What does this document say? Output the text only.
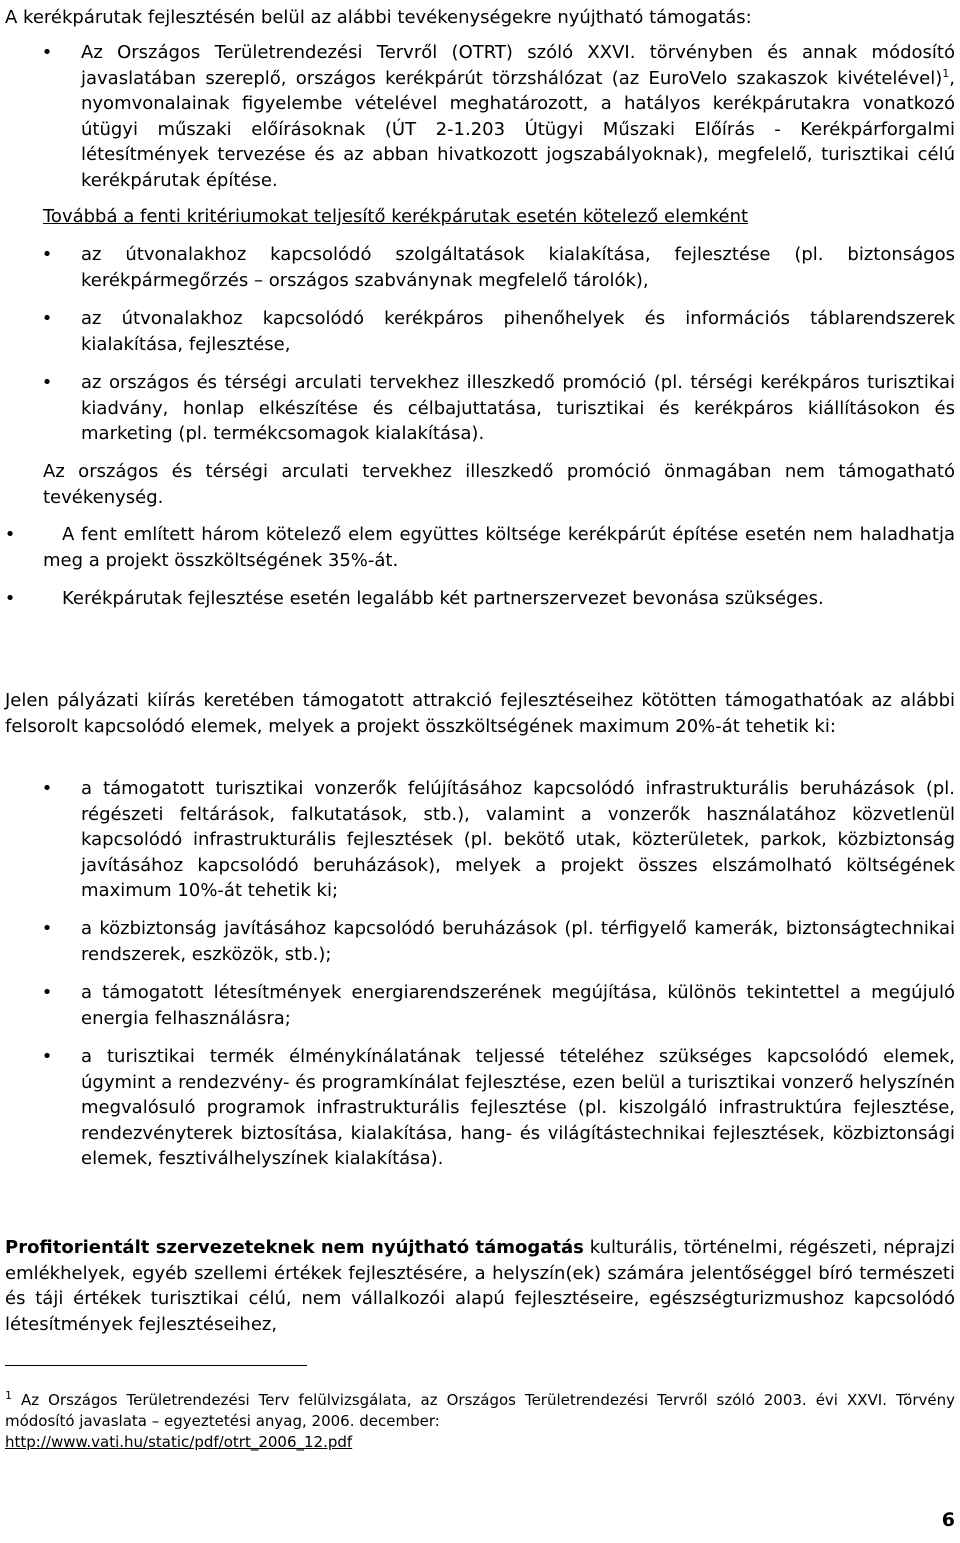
A kerékpárutak fejlesztésén belül az alábbi tevékenységekre nyújtható támogatás:
• Az Országos Területrendezési Tervről (OTRT) szóló XXVI. törvényben és annak módosító javaslatában szereplő, országos kerékpárút törzshálózat (az EuroVelo szakaszok kivételével)$^1$, nyomvonalainak figyelembe vételével meghatározott, a hatályos kerékpárutakra vonatkozó útügyi műszaki előírásoknak (ÚT 2-1.203 Útügyi Műszaki Előírás - Kerékpárforgalmi létesítmények tervezése és az abban hivatkozott jogszabályoknak), megfelelő, turisztikai célú kerékpárutak építése.
Továbbá a fenti kritériumokat teljesítő kerékpárutak esetén kötelező elemként
• az útvonalakhoz kapcsolódó szolgáltatások kialakítása, fejlesztése (pl. biztonságos kerékpármegőrzés – országos szabványnak megfelelő tárolók),
• az útvonalakhoz kapcsolódó kerékpáros pihenőhelyek és információs táblarendszerek kialakítása, fejlesztése,
• az országos és térségi arculati tervekhez illeszkedő promóció (pl. térségi kerékpáros turisztikai kiadvány, honlap elkészítése és célbajuttatása, turisztikai és kerékpáros kiállításokon és marketing (pl. termékcsomagok kialakítása).
Az országos és térségi arculati tervekhez illeszkedő promóció önmagában nem támogatható tevékenység.
•	A fent említett három kötelező elem együttes költsége kerékpárút építése esetén nem haladhatja meg a projekt összköltségének 35%-át.
•	Kerékpárutak fejlesztése esetén legalább két partnerszervezet bevonása szükséges.
Jelen pályázati kiírás keretében támogatott attrakció fejlesztéseihez kötötten támogathatóak az alábbi felsorolt kapcsolódó elemek, melyek a projekt összköltségének maximum 20%-át tehetik ki:
• a támogatott turisztikai vonzerők felújításához kapcsolódó infrastrukturális beruházások (pl. régészeti feltárások, falkutatások, stb.), valamint a vonzerők használatához közvetlenül kapcsolódó infrastrukturális fejlesztések (pl. bekötő utak, közterületek, parkok, közbiztonság javításához kapcsolódó beruházások), melyek a projekt összes elszámolható költségének maximum 10%-át tehetik ki;
• a közbiztonság javításához kapcsolódó beruházások (pl. térfigyelő kamerák, biztonságtechnikai rendszerek, eszközök, stb.);
• a támogatott létesítmények energiarendszerének megújítása, különös tekintettel a megújuló energia felhasználásra;
• a turisztikai termék élménykínálatának teljessé tételéhez szükséges kapcsolódó elemek, úgymint a rendezvény- és programkínálat fejlesztése, ezen belül a turisztikai vonzerő helyszínén megvalósuló programok infrastrukturális fejlesztése (pl. kiszolgáló infrastruktúra fejlesztése, rendezvényterek biztosítása, kialakítása, hang- és világítástechnikai fejlesztések, közbiztonsági elemek, fesztiválhelyszínek kialakítása).
Profitorientált szervezeteknek nem nyújtható támogatás kulturális, történelmi, régészeti, néprajzi emlékhelyek, egyéb szellemi értékek fejlesztésére, a helyszín(ek) számára jelentőséggel bíró természeti és táji értékek turisztikai célú, nem vállalkozói alapú fejlesztéseire, egészségturizmushoz kapcsolódó létesítmények fejlesztéseihez,
$^1$ Az Országos Területrendezési Terv felülvizsgálata, az Országos Területrendezési Tervről szóló 2003. évi XXVI. Törvény módosító javaslata – egyeztetési anyag, 2006. december:
http://www.vati.hu/static/pdf/otrt_2006_12.pdf
6
